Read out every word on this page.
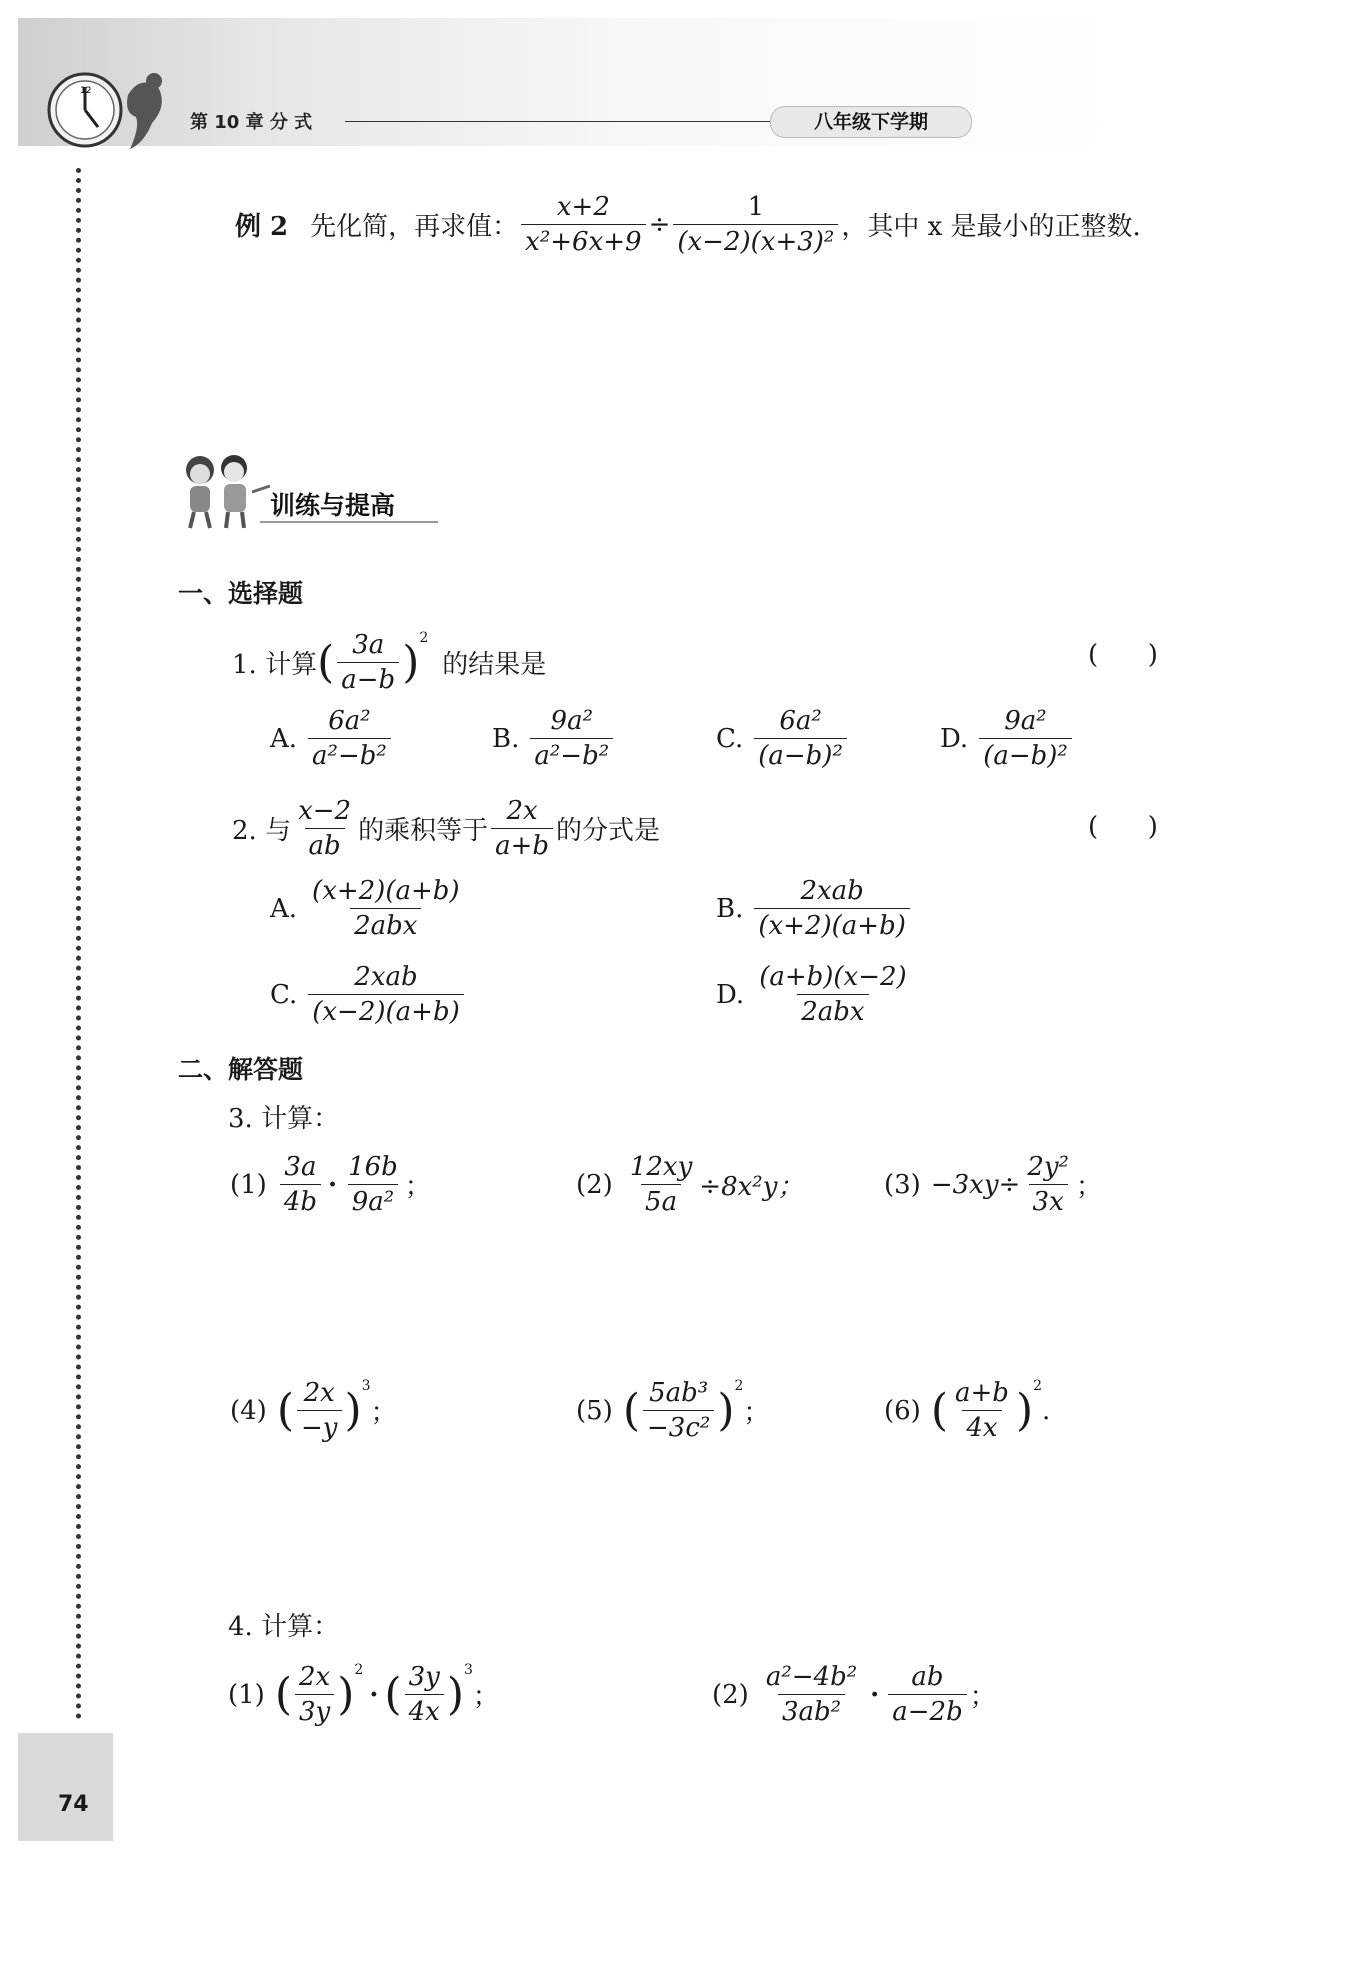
12
第 10 章 分 式	八年级下学期
74
例 2 先化简，再求值： $\frac{x+2}{\text{x²+6x+9}} \div \frac{1}{\text{(x−2)(x+3)²}}$ ，其中 x 是最小的正整数.
训练与提高
一、选择题
1. 计算 ( $\frac{3a}{a-b} )^2$
的结果是	(      )
A. $\frac{\text{6a²}}{\text{a²−b²}}$	B. $\frac{\text{9a²}}{\text{a²−b²}}$	C. $\frac{\text{6a²}}{\text{(a−b)²}}$	D. $\frac{\text{9a²}}{\text{(a−b)²}}$
2. 与 $\frac{x-2}{ab}$ 的乘积等于 $\frac{2x}{a+b}$ 的分式是	(      )
A. $\frac{(x+2)(a+b)}{\text{2abx}}$	B. $\frac{\text{2xab}}{(x+2)(a+b)}$
C. $\frac{\text{2xab}}{(x-2)(a+b)}$	D. $\frac{(a+b)(x-2)}{\text{2abx}}$
二、解答题
3. 计算：
$(1) \frac{3a}{4b} \cdot \frac{16b}{\text{9a²}}$ ；	$(2) \frac{12xy}{5a} \div 8x^2y$；	$(3) -3xy\div \frac{\text{2y²}}{3x}$ ；
(4) ( $\frac{2x}{-y} )^3$
；	(5) ( $\frac{\text{5ab³}}{\text{−3c²}} )^2$
；	(6) ( $\frac{a+b}{4x} )^2$
.
4. 计算：
(1) ( $\frac{2x}{3y} )^2$
· ( $\frac{3y}{4x} )^3$
；	$(2) \frac{\text{a²−4b²}}{\text{3ab²}} \cdot \frac{ab}{a-2b}$ ；
